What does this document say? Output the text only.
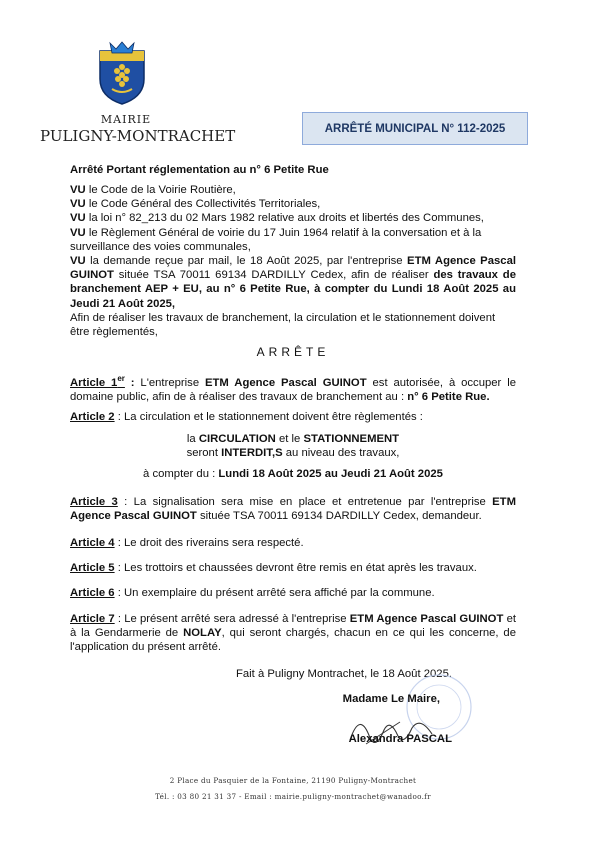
MAIRIE
PULIGNY-MONTRACHET	ARRÊTÉ MUNICIPAL N° 112-2025
Arrêté Portant réglementation au n° 6 Petite Rue

VU le Code de la Voirie Routière,

VU le Code Général des Collectivités Territoriales,

VU la loi n° 82_213 du 02 Mars 1982 relative aux droits et libertés des Communes,

VU le Règlement Général de voirie du 17 Juin 1964 relatif à la conversation et à la surveillance des voies communales,

VU la demande reçue par mail, le 18 Août 2025, par l'entreprise ETM Agence Pascal GUINOT située TSA 70011 69134 DARDILLY Cedex, afin de réaliser des travaux de branchement AEP + EU, au n° 6 Petite Rue, à compter du Lundi 18 Août 2025 au Jeudi 21 Août 2025,

Afin de réaliser les travaux de branchement, la circulation et le stationnement doivent être règlementés,

ARRÊTE
Article 1er : L'entreprise ETM Agence Pascal GUINOT est autorisée, à occuper le domaine public, afin de à réaliser des travaux de branchement au : n° 6 Petite Rue.
Article 2 : La circulation et le stationnement doivent être règlementés :
la CIRCULATION et le STATIONNEMENT
seront INTERDIT,S au niveau des travaux,
à compter du : Lundi 18 Août 2025 au Jeudi 21 Août 2025
Article 3 : La signalisation sera mise en place et entretenue par l'entreprise ETM Agence Pascal GUINOT située TSA 70011 69134 DARDILLY Cedex, demandeur.
Article 4 : Le droit des riverains sera respecté.
Article 5 : Les trottoirs et chaussées devront être remis en état après les travaux.
Article 6 : Un exemplaire du présent arrêté sera affiché par la commune.
Article 7 : Le présent arrêté sera adressé à l'entreprise ETM Agence Pascal GUINOT et à la Gendarmerie de NOLAY, qui seront chargés, chacun en ce qui les concerne, de l'application du présent arrêté.
Fait à Puligny Montrachet, le 18 Août 2025.
Madame Le Maire,
Alexandra PASCAL
2 Place du Pasquier de la Fontaine, 21190 Puligny-Montrachet
Tél. : 03 80 21 31 37 - Email : mairie.puligny-montrachet@wanadoo.fr
